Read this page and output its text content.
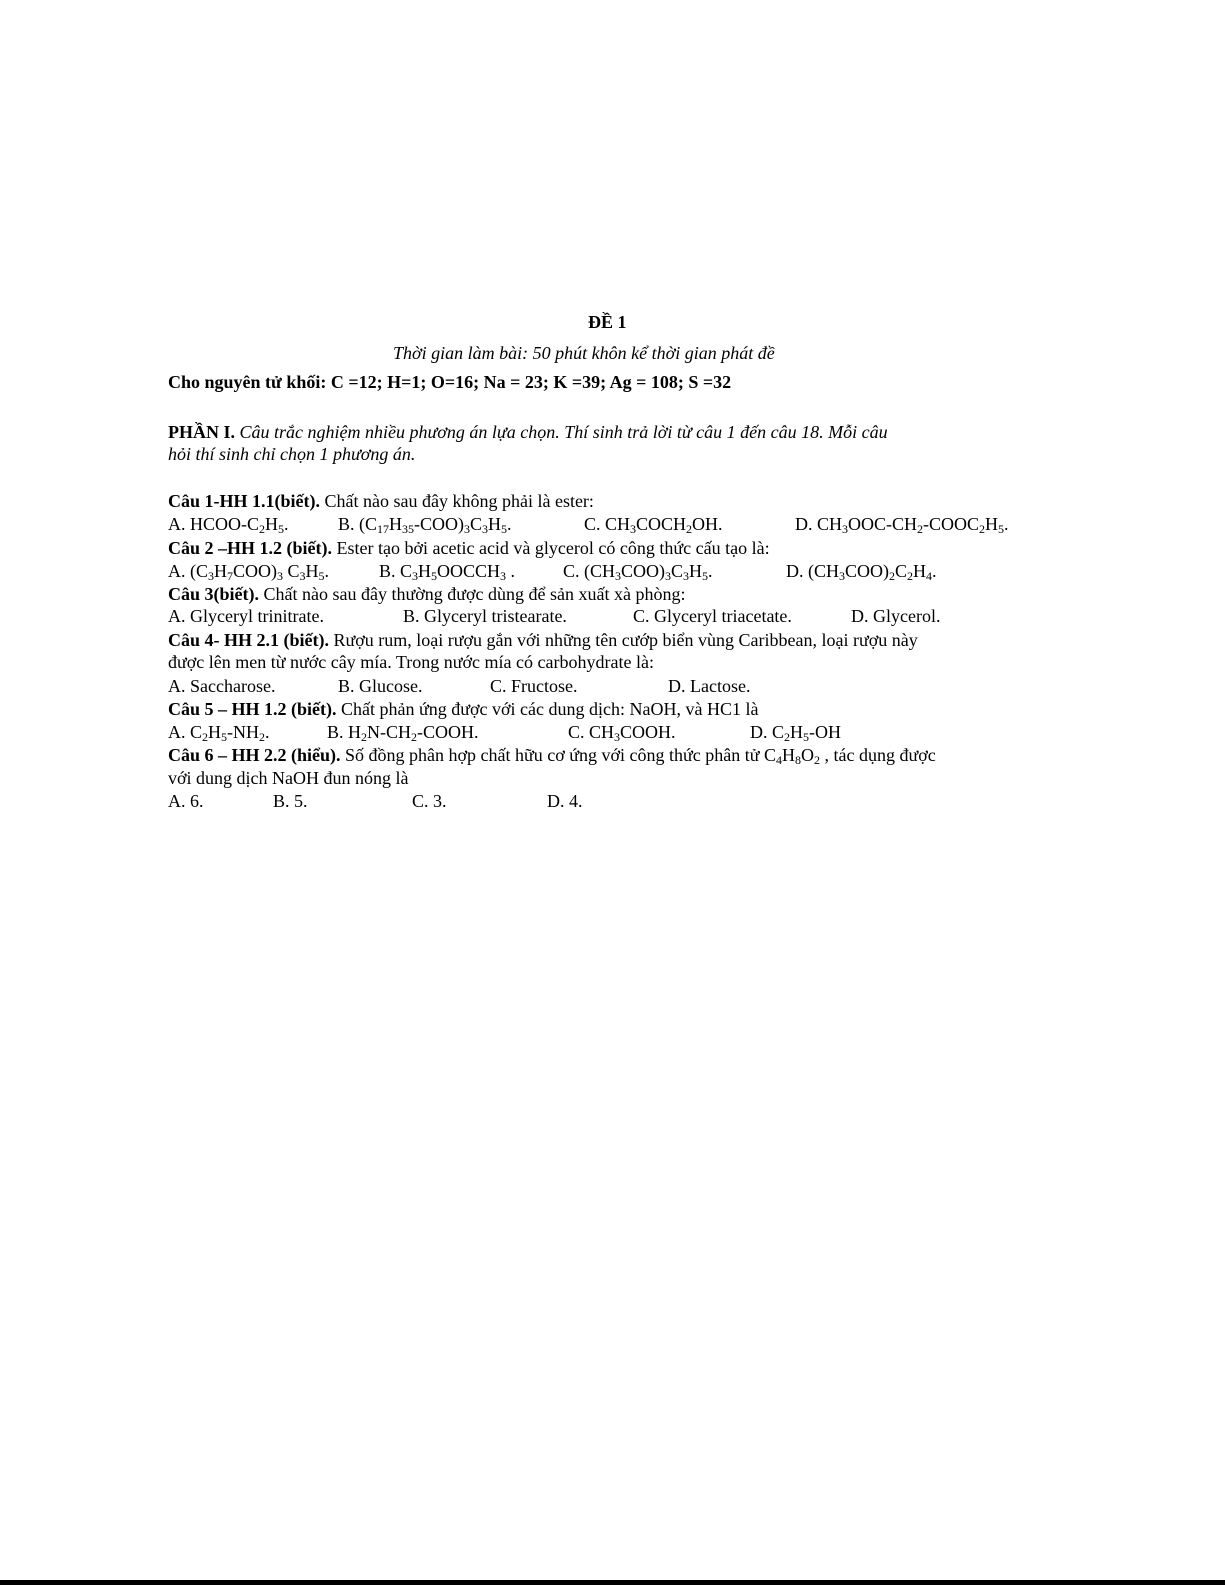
ĐỀ 1
Thời gian làm bài: 50 phút khôn kể thời gian phát đề
Cho nguyên tử khối: C =12; H=1; O=16; Na = 23; K =39; Ag = 108; S =32
PHẦN I. Câu trắc nghiệm nhiều phương án lựa chọn. Thí sinh trả lời từ câu 1 đến câu 18. Mỗi câu
hỏi thí sinh chỉ chọn 1 phương án.
Câu 1-HH 1.1(biết). Chất nào sau đây không phải là ester:
A. HCOO-$C_2H_5$.	B. $(C_{17}H_{35}-COO)_3C_3H_5$.	C. $CH_3COCH_2OH$.	D. $CH_3OOC-CH_2-COOC_2H_5$.
Câu 2 –HH 1.2 (biết). Ester tạo bởi acetic acid và glycerol có công thức cấu tạo là:
A. $(C_3H_7COO)_3$ $C_3H_5$.	B. $C_3H_5OOCCH_3$ .	C. $(CH_3COO)_3C_3H_5$.	D. $(CH_3COO)_2C_2H_4$.
Câu 3(biết). Chất nào sau đây thường được dùng để sản xuất xà phòng:
A. Glyceryl trinitrate.	B. Glyceryl tristearate.	C. Glyceryl triacetate.	D. Glycerol.
Câu 4- HH 2.1 (biết). Rượu rum, loại rượu gắn với những tên cướp biển vùng Caribbean, loại rượu này
được lên men từ nước cây mía. Trong nước mía có carbohydrate là:
A. Saccharose.	B. Glucose.	C. Fructose.	D. Lactose.
Câu 5 – HH 1.2 (biết). Chất phản ứng được với các dung dịch: NaOH, và HC1 là
A. $C_2H_5-NH_2$.	B. $H_2N-CH_2$-COOH.	C. $CH_3COOH$.	D. $C_2H_5-OH$
Câu 6 – HH 2.2 (hiểu). Số đồng phân hợp chất hữu cơ ứng với công thức phân tử $C_4H_8O_2$ , tác dụng được
với dung dịch NaOH đun nóng là
A. 6.	B. 5.	C. 3.	D. 4.
